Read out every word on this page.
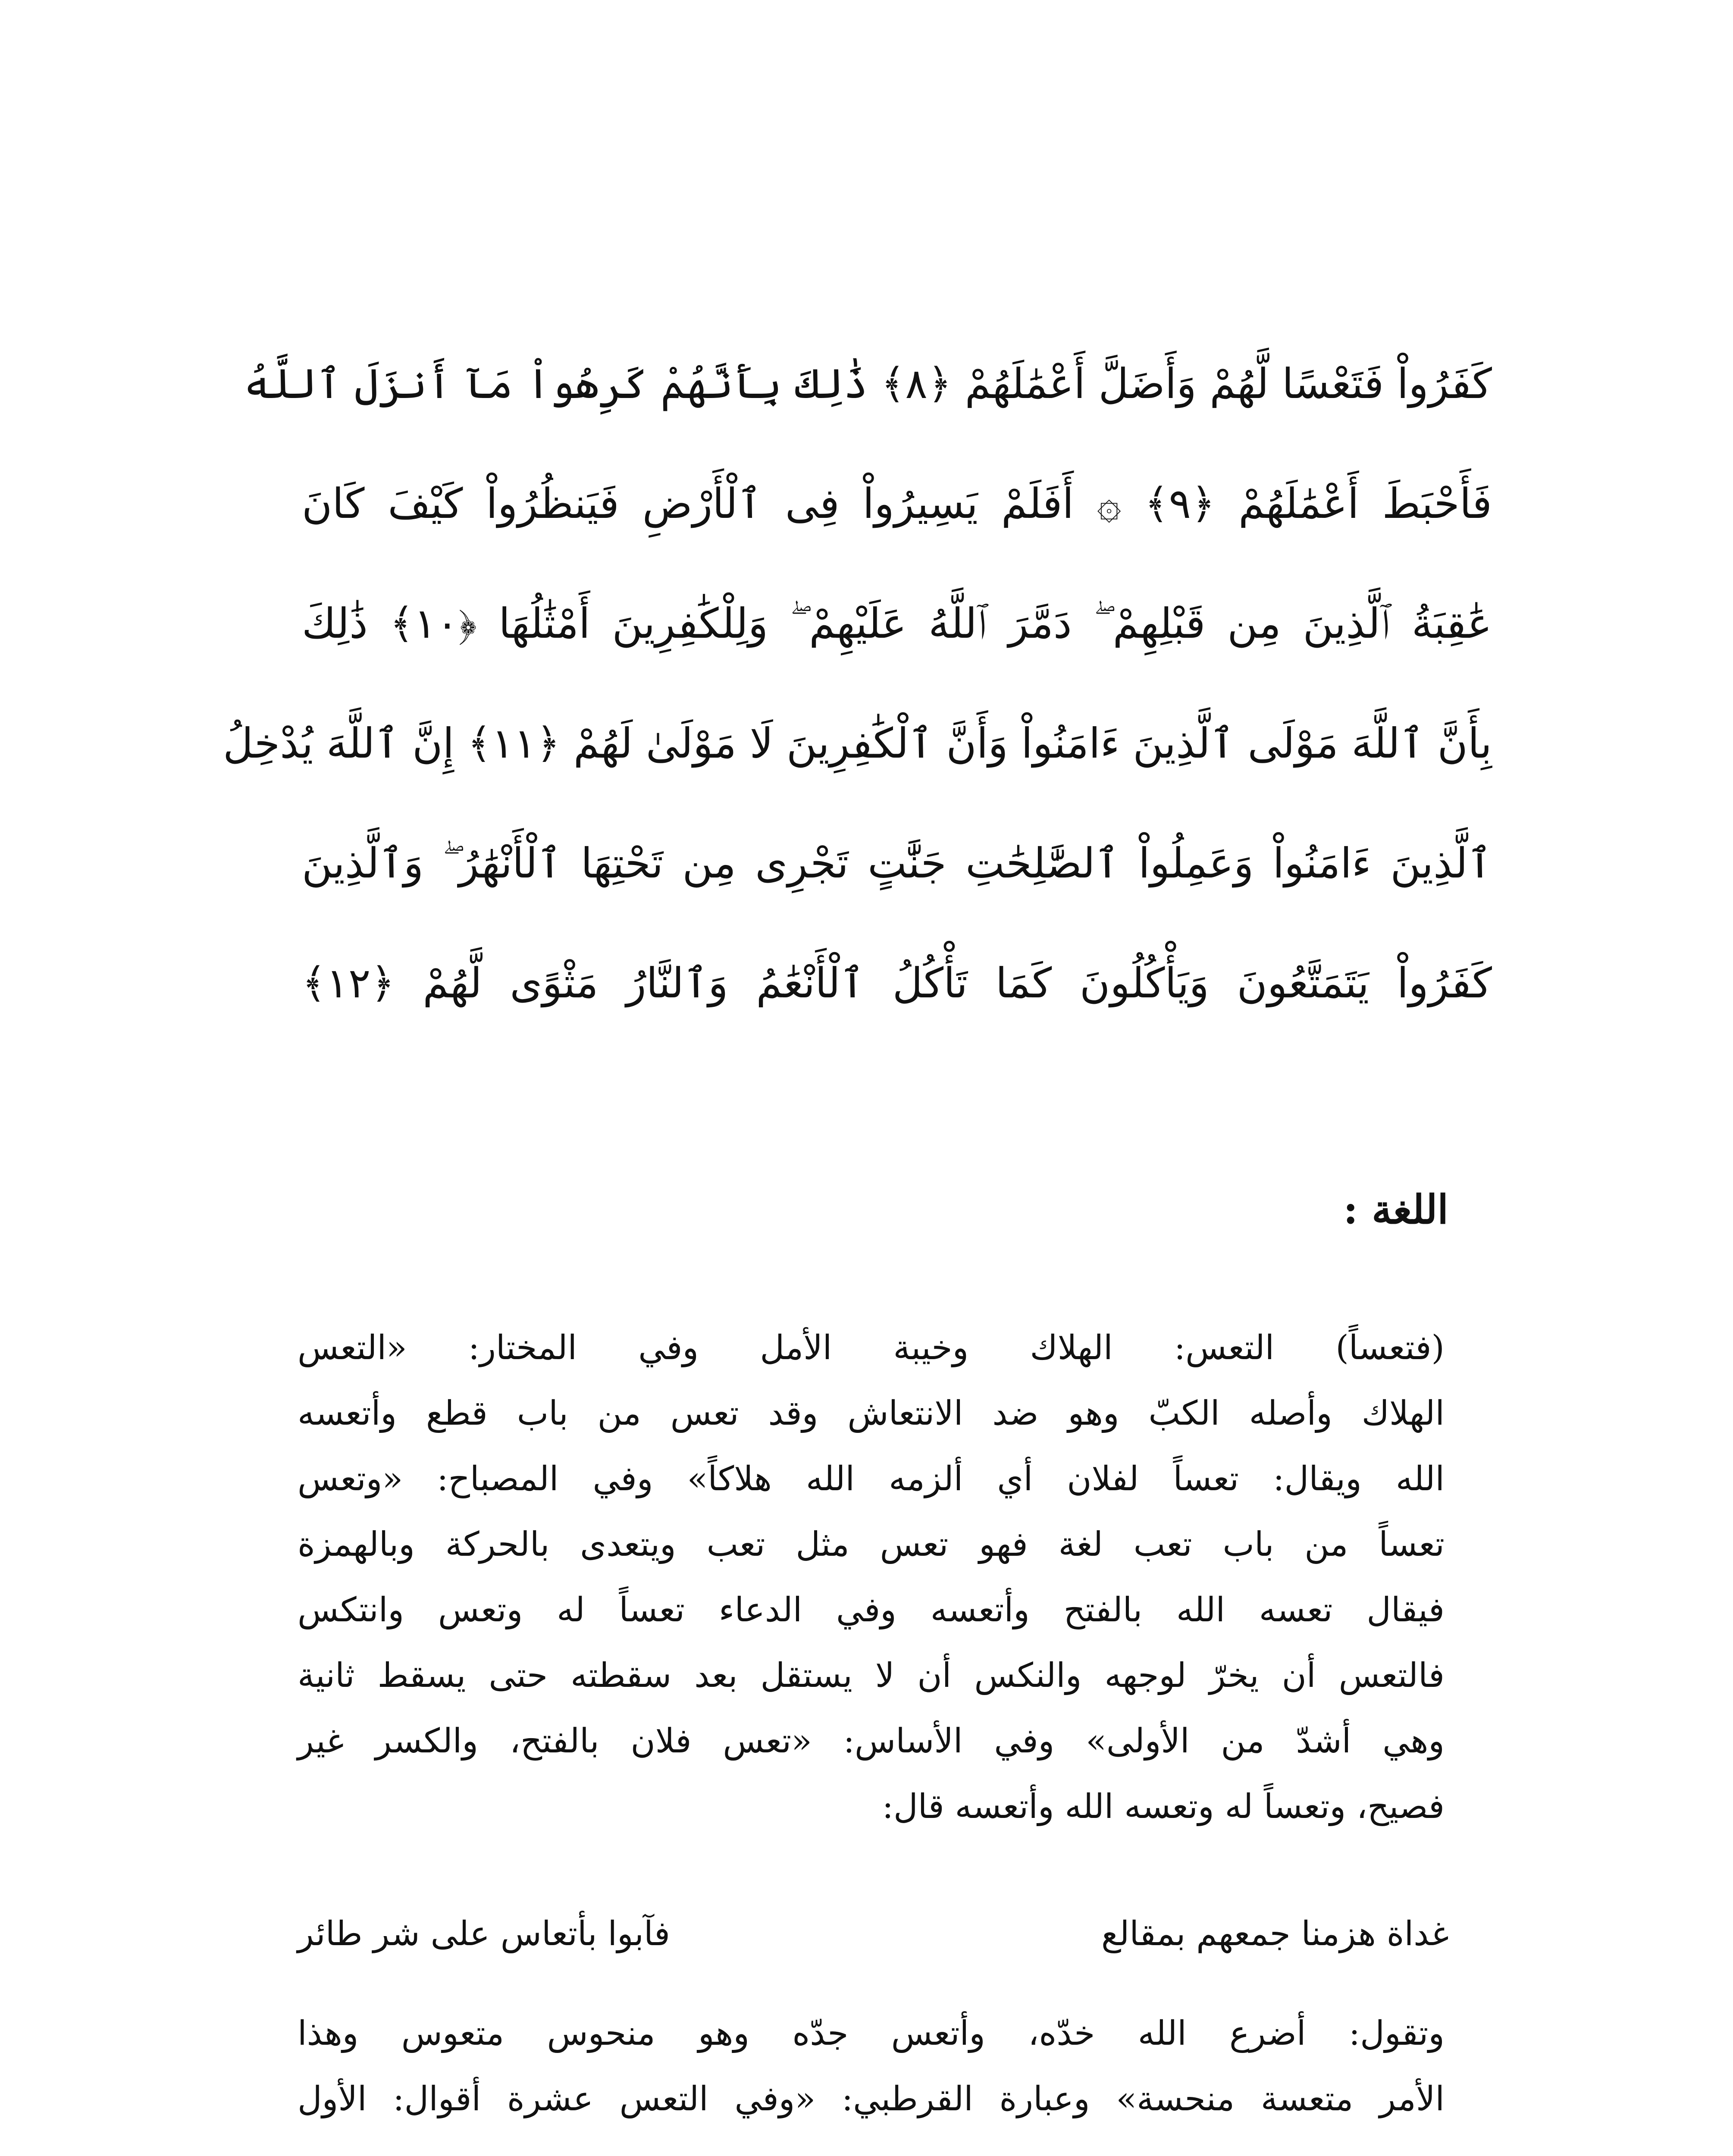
كَفَرُواْ فَتَعْسًا لَّهُمْ وَأَضَلَّ أَعْمَٰلَهُمْ ﴿٨﴾ ذَٰلِكَ بِأَنَّهُمْ كَرِهُواْ مَآ أَنزَلَ ٱللَّهُ
فَأَحْبَطَ أَعْمَٰلَهُمْ ﴿٩﴾ ۞ أَفَلَمْ يَسِيرُواْ فِى ٱلْأَرْضِ فَيَنظُرُواْ كَيْفَ كَانَ
عَٰقِبَةُ ٱلَّذِينَ مِن قَبْلِهِمْ ۖ دَمَّرَ ٱللَّهُ عَلَيْهِمْ ۖ وَلِلْكَٰفِرِينَ أَمْثَٰلُهَا ﴿١٠﴾ ذَٰلِكَ
بِأَنَّ ٱللَّهَ مَوْلَى ٱلَّذِينَ ءَامَنُواْ وَأَنَّ ٱلْكَٰفِرِينَ لَا مَوْلَىٰ لَهُمْ ﴿١١﴾ إِنَّ ٱللَّهَ يُدْخِلُ
ٱلَّذِينَ ءَامَنُواْ وَعَمِلُواْ ٱلصَّٰلِحَٰتِ جَنَّٰتٍ تَجْرِى مِن تَحْتِهَا ٱلْأَنْهَٰرُ ۖ وَٱلَّذِينَ
كَفَرُواْ يَتَمَتَّعُونَ وَيَأْكُلُونَ كَمَا تَأْكُلُ ٱلْأَنْعَٰمُ وَٱلنَّارُ مَثْوًى لَّهُمْ ﴿١٢﴾
اللغة :
(فتعساً) التعس: الهلاك وخيبة الأمل وفي المختار: «التعس
الهلاك وأصله الكبّ وهو ضد الانتعاش وقد تعس من باب قطع وأتعسه
الله ويقال: تعساً لفلان أي ألزمه الله هلاكاً» وفي المصباح: «وتعس
تعساً من باب تعب لغة فهو تعس مثل تعب ويتعدى بالحركة وبالهمزة
فيقال تعسه الله بالفتح وأتعسه وفي الدعاء تعساً له وتعس وانتكس
فالتعس أن يخرّ لوجهه والنكس أن لا يستقل بعد سقطته حتى يسقط ثانية
وهي أشدّ من الأولى» وفي الأساس: «تعس فلان بالفتح، والكسر غير
فصيح، وتعساً له وتعسه الله وأتعسه قال:
غداة هزمنا جمعهم بمقالع
فآبوا بأتعاس على شر طائر
وتقول: أضرع الله خدّه، وأتعس جدّه وهو منحوس متعوس وهذا
الأمر متعسة منحسة» وعبارة القرطبي: «وفي التعس عشرة أقوال: الأول
